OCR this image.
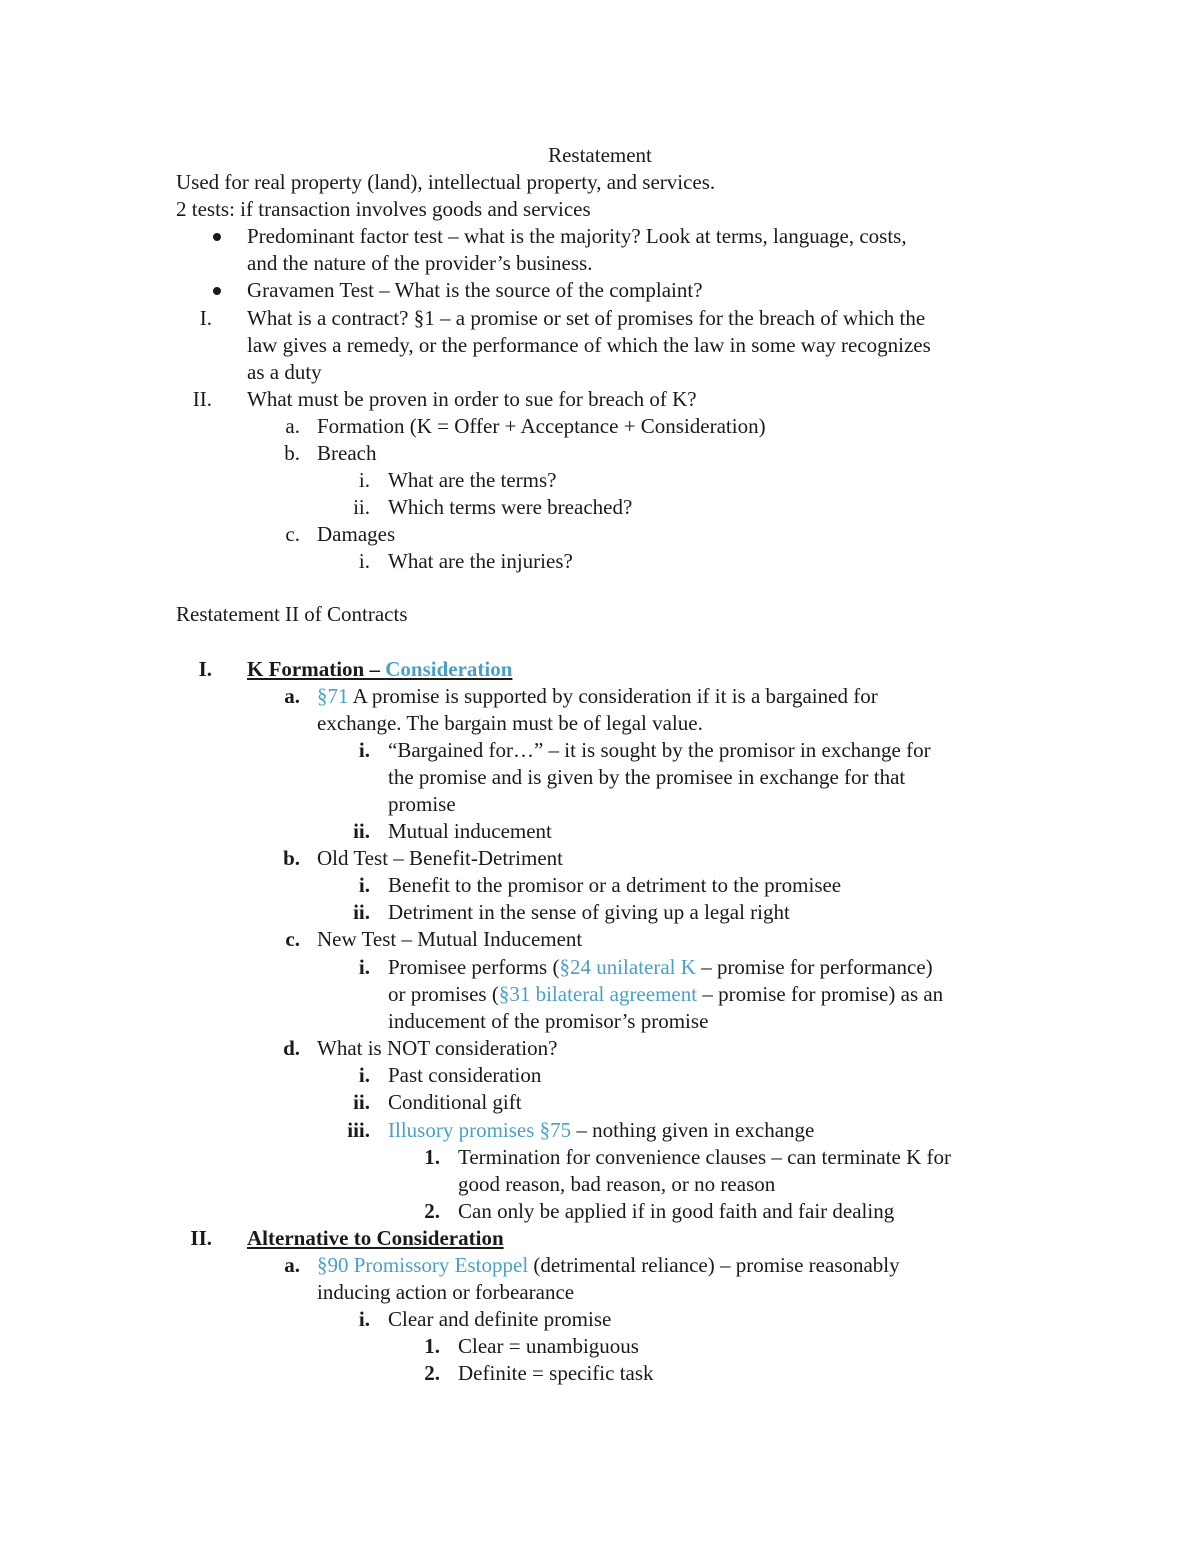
Restatement
Used for real property (land), intellectual property, and services.
2 tests: if transaction involves goods and services
Predominant factor test – what is the majority? Look at terms, language, costs,
and the nature of the provider’s business.
Gravamen Test – What is the source of the complaint?
I. What is a contract? §1 – a promise or set of promises for the breach of which the
law gives a remedy, or the performance of which the law in some way recognizes
as a duty
II. What must be proven in order to sue for breach of K?
a. Formation (K = Offer + Acceptance + Consideration)
b. Breach
i. What are the terms?
ii. Which terms were breached?
c. Damages
i. What are the injuries?
Restatement II of Contracts
I. K Formation – Consideration
a. §71 A promise is supported by consideration if it is a bargained for
exchange. The bargain must be of legal value.
i. “Bargained for…” – it is sought by the promisor in exchange for
the promise and is given by the promisee in exchange for that
promise
ii. Mutual inducement
b. Old Test – Benefit-Detriment
i. Benefit to the promisor or a detriment to the promisee
ii. Detriment in the sense of giving up a legal right
c. New Test – Mutual Inducement
i. Promisee performs (§24 unilateral K – promise for performance)
or promises (§31 bilateral agreement – promise for promise) as an
inducement of the promisor’s promise
d. What is NOT consideration?
i. Past consideration
ii. Conditional gift
iii. Illusory promises §75 – nothing given in exchange
1. Termination for convenience clauses – can terminate K for
good reason, bad reason, or no reason
2. Can only be applied if in good faith and fair dealing
II. Alternative to Consideration
a. §90 Promissory Estoppel (detrimental reliance) – promise reasonably
inducing action or forbearance
i. Clear and definite promise
1. Clear = unambiguous
2. Definite = specific task
